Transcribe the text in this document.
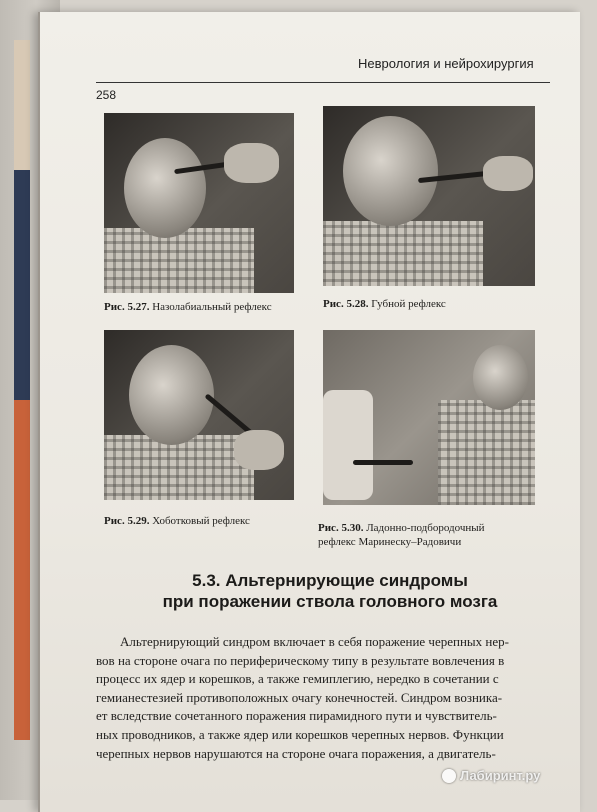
Неврология и нейрохирургия
258
Рис. 5.27. Назолабиальный рефлекс	Рис. 5.28. Губной рефлекс
Рис. 5.29. Хоботковый рефлекс
Рис. 5.30. Ладонно-подбородочный
рефлекс Маринеску–Радовичи
5.3. Альтернирующие синдромы
при поражении ствола головного мозга
Альтернирующий синдром включает в себя поражение черепных нер-
вов на стороне очага по периферическому типу в результате вовлечения в
процесс их ядер и корешков, а также гемиплегию, нередко в сочетании с
гемианестезией противоположных очагу конечностей. Синдром возника-
ет вследствие сочетанного поражения пирамидного пути и чувствитель-
ных проводников, а также ядер или корешков черепных нервов. Функции
черепных нервов нарушаются на стороне очага поражения, а двигатель-
Лабиринт.ру
